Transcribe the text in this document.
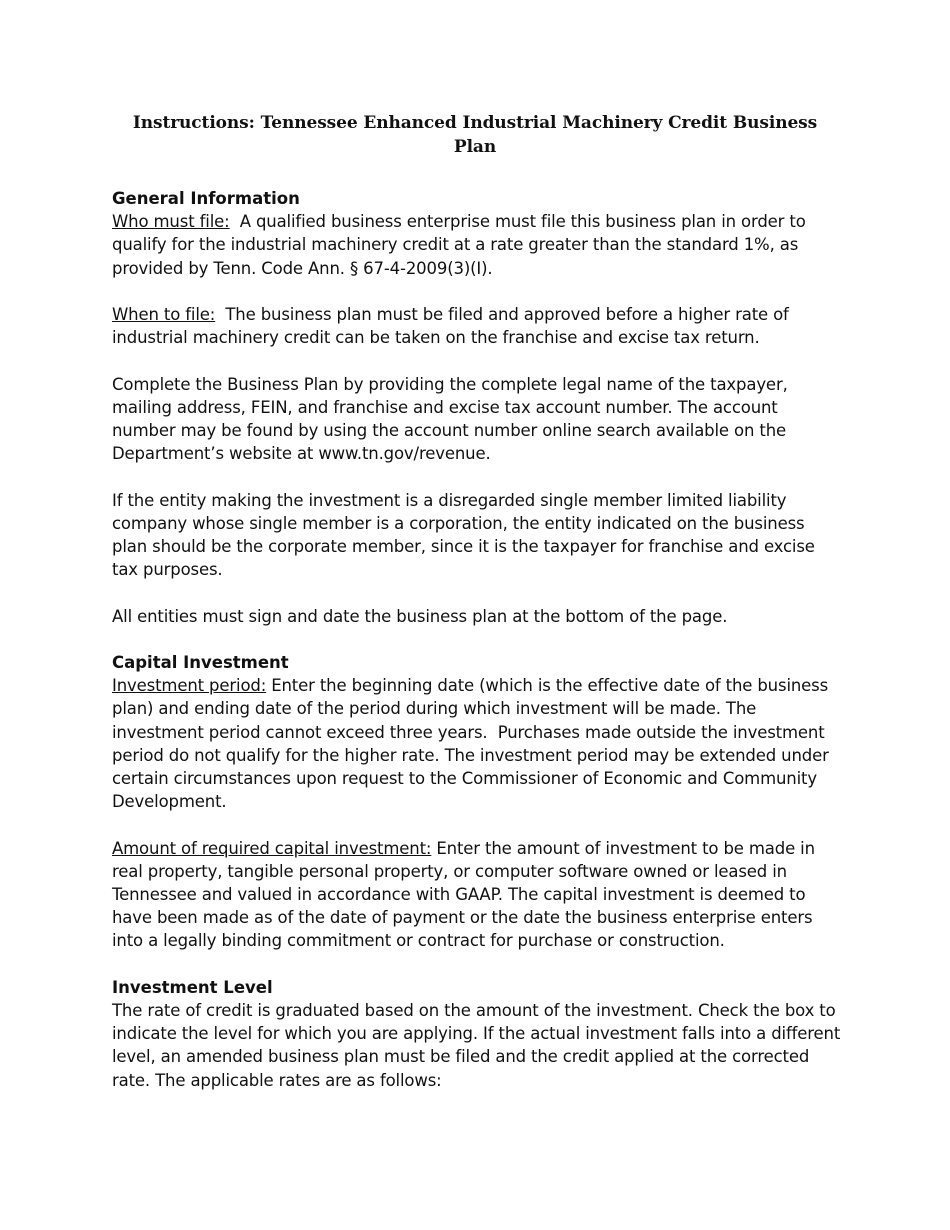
Instructions: Tennessee Enhanced Industrial Machinery Credit Business Plan
General Information

Who must file:  A qualified business enterprise must file this business plan in order to qualify for the industrial machinery credit at a rate greater than the standard 1%, as provided by Tenn. Code Ann. § 67-4-2009(3)(I).

When to file:  The business plan must be filed and approved before a higher rate of industrial machinery credit can be taken on the franchise and excise tax return.

Complete the Business Plan by providing the complete legal name of the taxpayer, mailing address, FEIN, and franchise and excise tax account number. The account number may be found by using the account number online search available on the Department’s website at www.tn.gov/revenue.

If the entity making the investment is a disregarded single member limited liability company whose single member is a corporation, the entity indicated on the business plan should be the corporate member, since it is the taxpayer for franchise and excise tax purposes.

All entities must sign and date the business plan at the bottom of the page.

Capital Investment

Investment period: Enter the beginning date (which is the effective date of the business plan) and ending date of the period during which investment will be made. The investment period cannot exceed three years.  Purchases made outside the investment period do not qualify for the higher rate. The investment period may be extended under certain circumstances upon request to the Commissioner of Economic and Community Development.

Amount of required capital investment: Enter the amount of investment to be made in real property, tangible personal property, or computer software owned or leased in Tennessee and valued in accordance with GAAP. The capital investment is deemed to have been made as of the date of payment or the date the business enterprise enters into a legally binding commitment or contract for purchase or construction.

Investment Level

The rate of credit is graduated based on the amount of the investment. Check the box to indicate the level for which you are applying. If the actual investment falls into a different level, an amended business plan must be filed and the credit applied at the corrected rate. The applicable rates are as follows:
